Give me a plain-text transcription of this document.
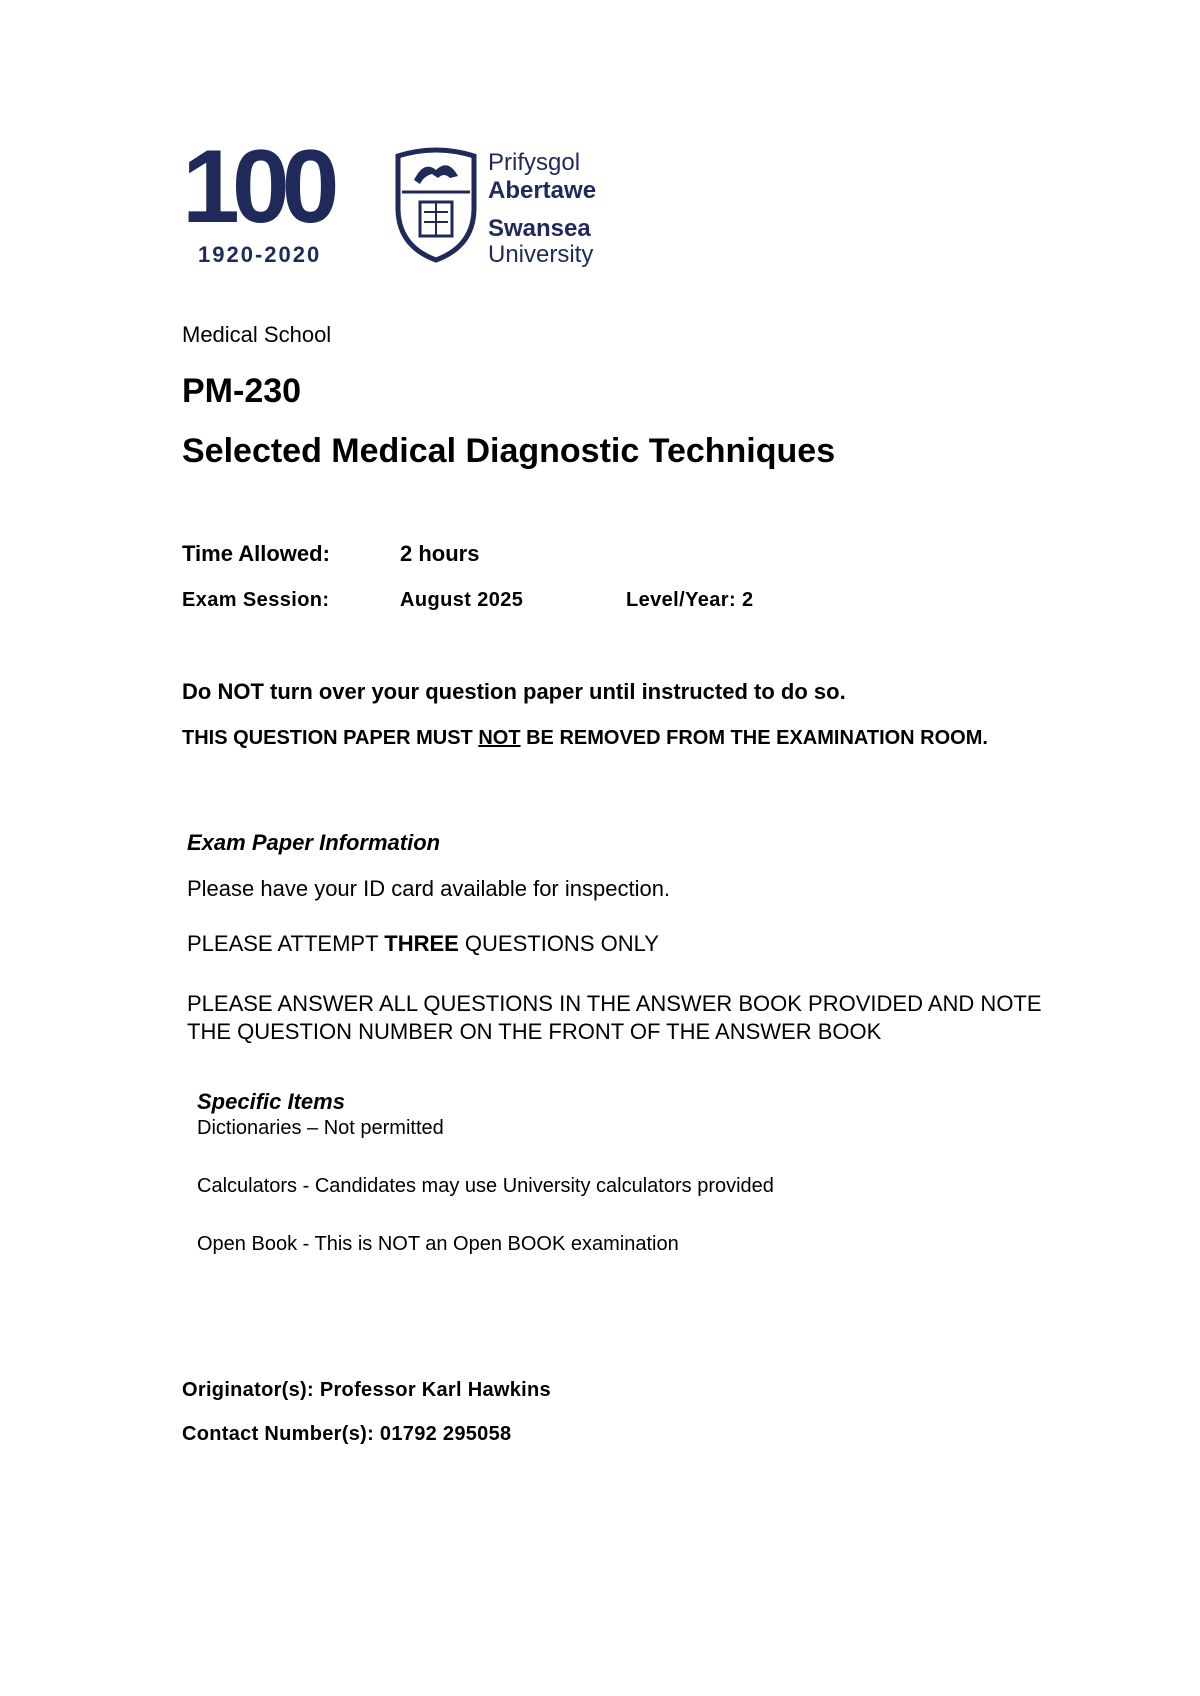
100
1920-2020
Prifysgol
Abertawe
Swansea
University
Medical School
PM-230
Selected Medical Diagnostic Techniques
Time Allowed:	2 hours
Exam Session:	August 2025	Level/Year: 2
Do NOT turn over your question paper until instructed to do so.
THIS QUESTION PAPER MUST NOT BE REMOVED FROM THE EXAMINATION ROOM.
Exam Paper Information
Please have your ID card available for inspection.
PLEASE ATTEMPT THREE QUESTIONS ONLY
PLEASE ANSWER ALL QUESTIONS IN THE ANSWER BOOK PROVIDED AND NOTE THE QUESTION NUMBER ON THE FRONT OF THE ANSWER BOOK
Specific Items
Dictionaries – Not permitted
Calculators - Candidates may use University calculators provided
Open Book - This is NOT an Open BOOK examination
Originator(s): Professor Karl Hawkins
Contact Number(s): 01792 295058
